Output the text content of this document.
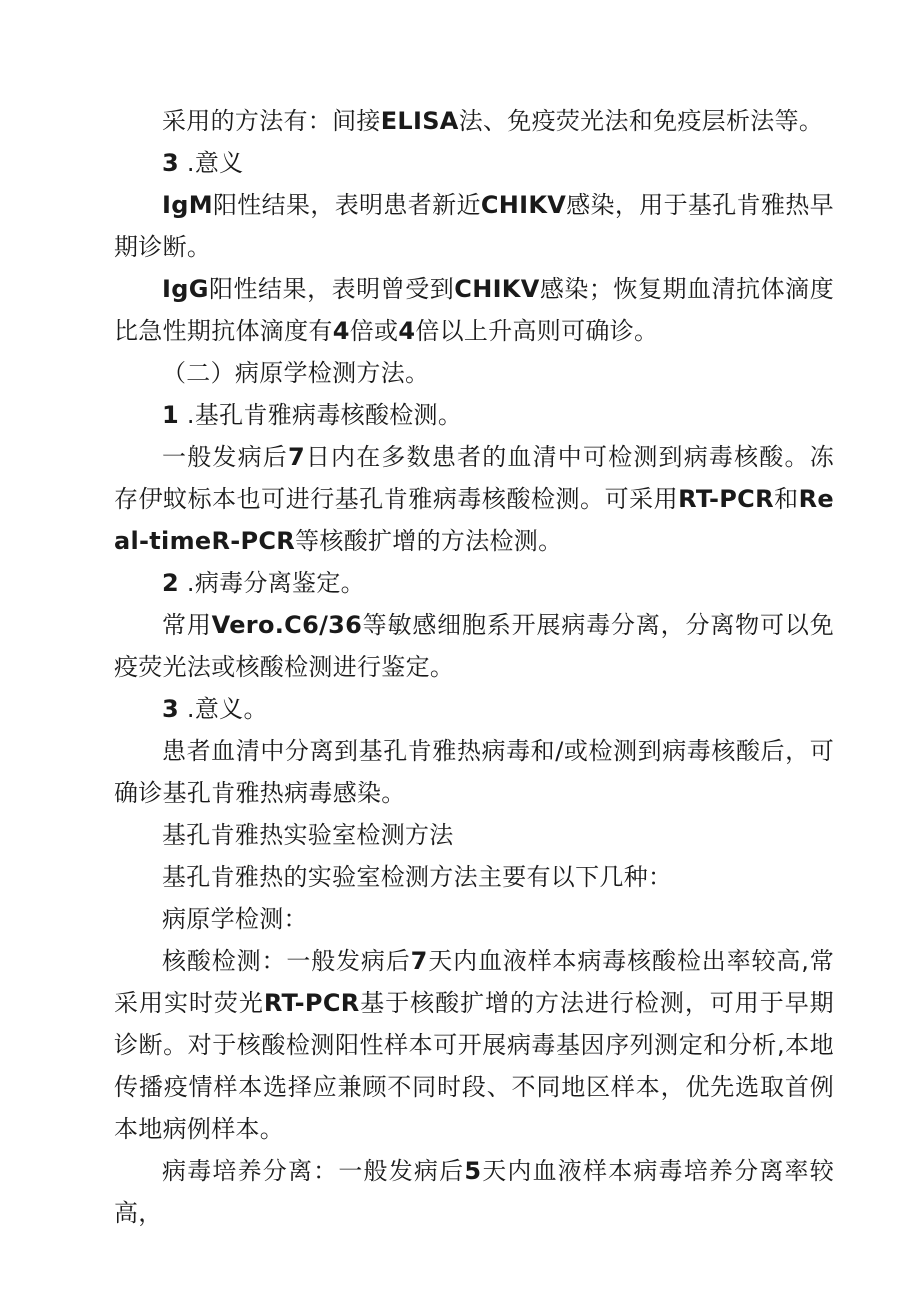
采用的方法有：间接ELISA法、免疫荧光法和免疫层析法等。

3 .意义

IgM阳性结果，表明患者新近CHIKV感染，用于基孔肯雅热早期诊断。

IgG阳性结果，表明曾受到CHIKV感染；恢复期血清抗体滴度比急性期抗体滴度有4倍或4倍以上升高则可确诊。

（二）病原学检测方法。

1 .基孔肯雅病毒核酸检测。

一般发病后7日内在多数患者的血清中可检测到病毒核酸。冻存伊蚊标本也可进行基孔肯雅病毒核酸检测。可采用RT-PCR和Real-timeR-PCR等核酸扩增的方法检测。

2 .病毒分离鉴定。

常用Vero.C6/36等敏感细胞系开展病毒分离，分离物可以免疫荧光法或核酸检测进行鉴定。

3 .意义。

患者血清中分离到基孔肯雅热病毒和/或检测到病毒核酸后，可确诊基孔肯雅热病毒感染。

基孔肯雅热实验室检测方法

基孔肯雅热的实验室检测方法主要有以下几种：

病原学检测：

核酸检测：一般发病后7天内血液样本病毒核酸检出率较高,常采用实时荧光RT-PCR基于核酸扩增的方法进行检测，可用于早期诊断。对于核酸检测阳性样本可开展病毒基因序列测定和分析,本地传播疫情样本选择应兼顾不同时段、不同地区样本，优先选取首例本地病例样本。

病毒培养分离：一般发病后5天内血液样本病毒培养分离率较高，
